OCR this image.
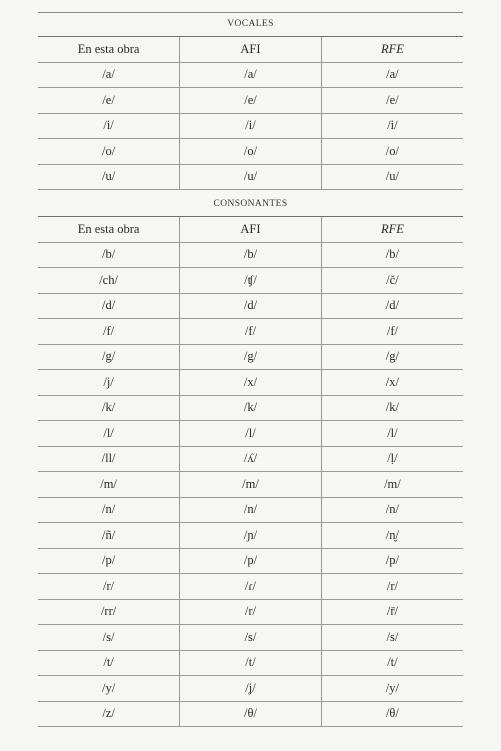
VOCALES
En esta obra	AFI	RFE
/a/	/a/	/a/
/e/	/e/	/e/
/i/	/i/	/i/
/o/	/o/	/o/
/u/	/u/	/u/
CONSONANTES
En esta obra	AFI	RFE
/b/	/b/	/b/
/ch/	/ʧ/	/č/
/d/	/d/	/d/
/f/	/f/	/f/
/g/	/g/	/g/
/j/	/x/	/x/
/k/	/k/	/k/
/l/	/l/	/l/
/ll/	/ʎ/	/ḷ/
/m/	/m/	/m/
/n/	/n/	/n/
/ñ/	/ɲ/	/n̮/
/p/	/p/	/p/
/r/	/ɾ/	/r/
/rr/	/r/	/r̄/
/s/	/s/	/s/
/t/	/t/	/t/
/y/	/ʝ/	/y/
/z/	/θ/	/θ/
